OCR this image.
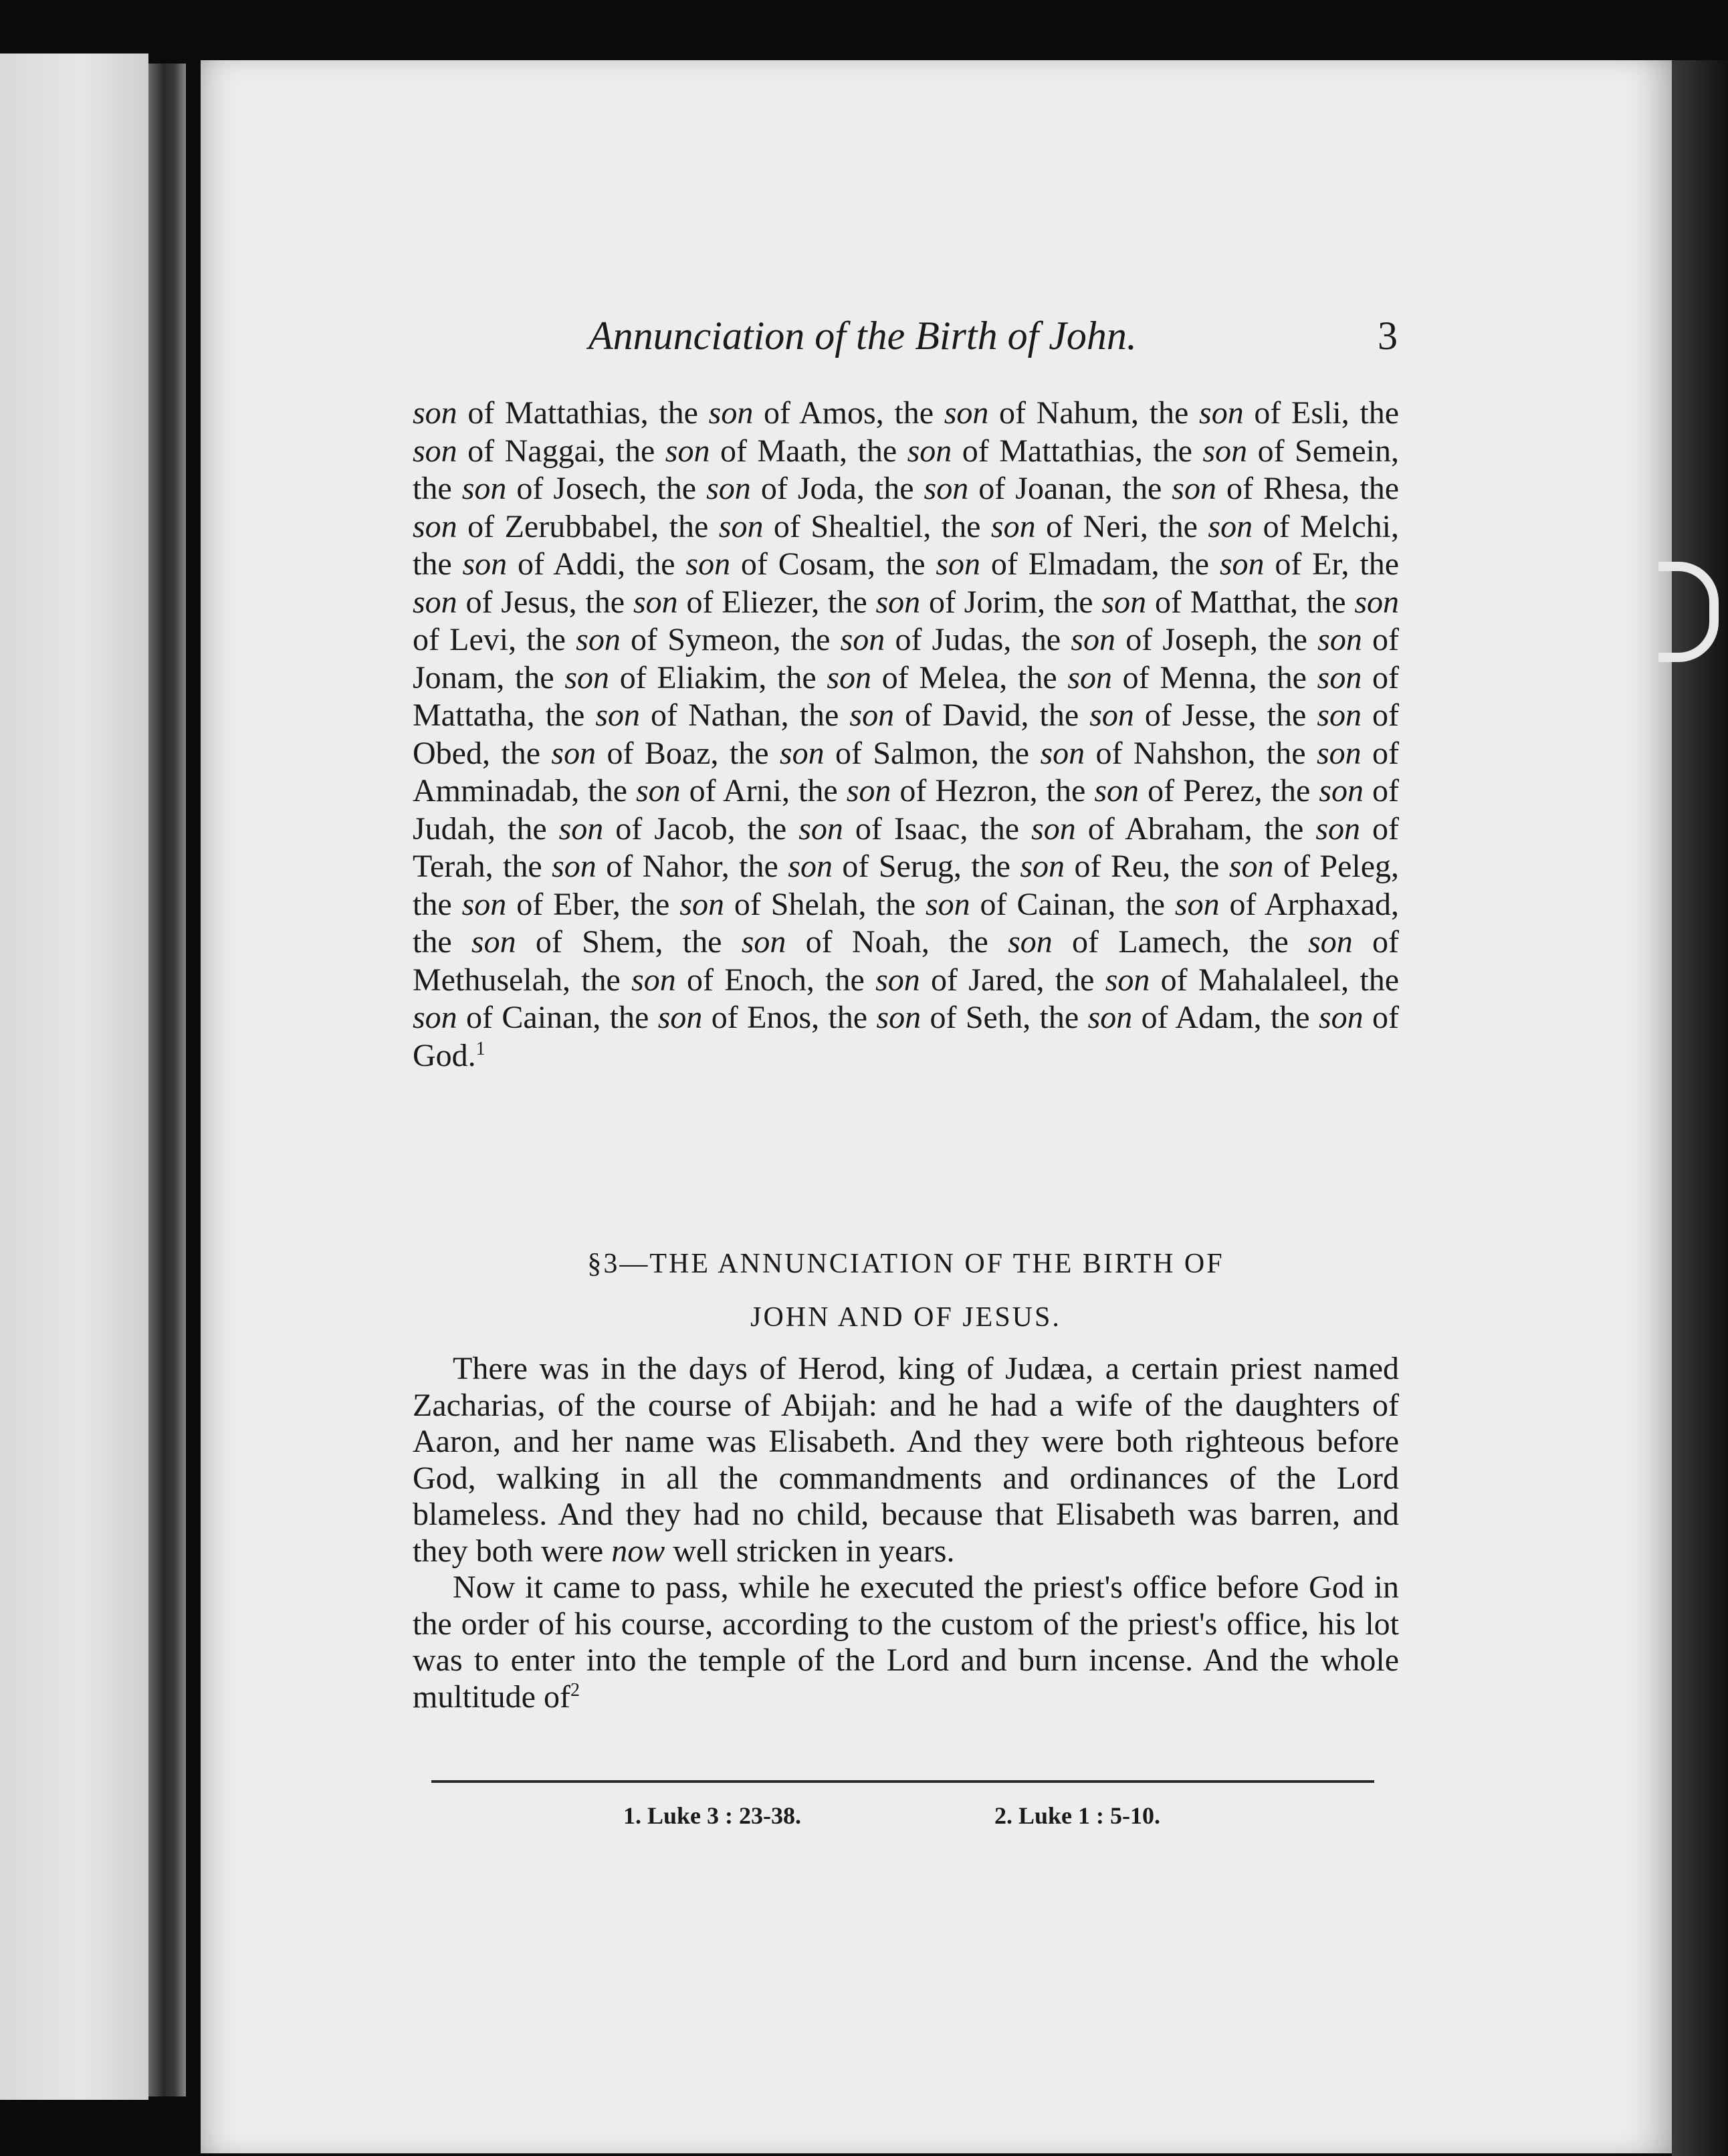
Annunciation of the Birth of John.	3

son of Mattathias, the son of Amos, the son of Nahum, the son of Esli, the son of Naggai, the son of Maath, the son of Mattathias, the son of Semein, the son of Josech, the son of Joda, the son of Joanan, the son of Rhesa, the son of Zerubbabel, the son of Shealtiel, the son of Neri, the son of Melchi, the son of Addi, the son of Cosam, the son of Elmadam, the son of Er, the son of Jesus, the son of Eliezer, the son of Jorim, the son of Matthat, the son of Levi, the son of Symeon, the son of Judas, the son of Joseph, the son of Jonam, the son of Eliakim, the son of Melea, the son of Menna, the son of Mattatha, the son of Nathan, the son of David, the son of Jesse, the son of Obed, the son of Boaz, the son of Salmon, the son of Nahshon, the son of Amminadab, the son of Arni, the son of Hezron, the son of Perez, the son of Judah, the son of Jacob, the son of Isaac, the son of Abraham, the son of Terah, the son of Nahor, the son of Serug, the son of Reu, the son of Peleg, the son of Eber, the son of Shelah, the son of Cainan, the son of Arphaxad, the son of Shem, the son of Noah, the son of Lamech, the son of Methuselah, the son of Enoch, the son of Jared, the son of Mahalaleel, the son of Cainan, the son of Enos, the son of Seth, the son of Adam, the son of God.$^1$

§3—THE ANNUNCIATION OF THE BIRTH OF
JOHN AND OF JESUS.

There was in the days of Herod, king of Judæa, a certain priest named Zacharias, of the course of Abijah: and he had a wife of the daughters of Aaron, and her name was Elisabeth. And they were both righteous before God, walking in all the commandments and ordinances of the Lord blameless. And they had no child, because that Elisabeth was barren, and they both were now well stricken in years.

Now it came to pass, while he executed the priest's office before God in the order of his course, according to the custom of the priest's office, his lot was to enter into the temple of the Lord and burn incense. And the whole multitude $of^2$

1. Luke 3 : 23-38.	2. Luke 1 : 5-10.
